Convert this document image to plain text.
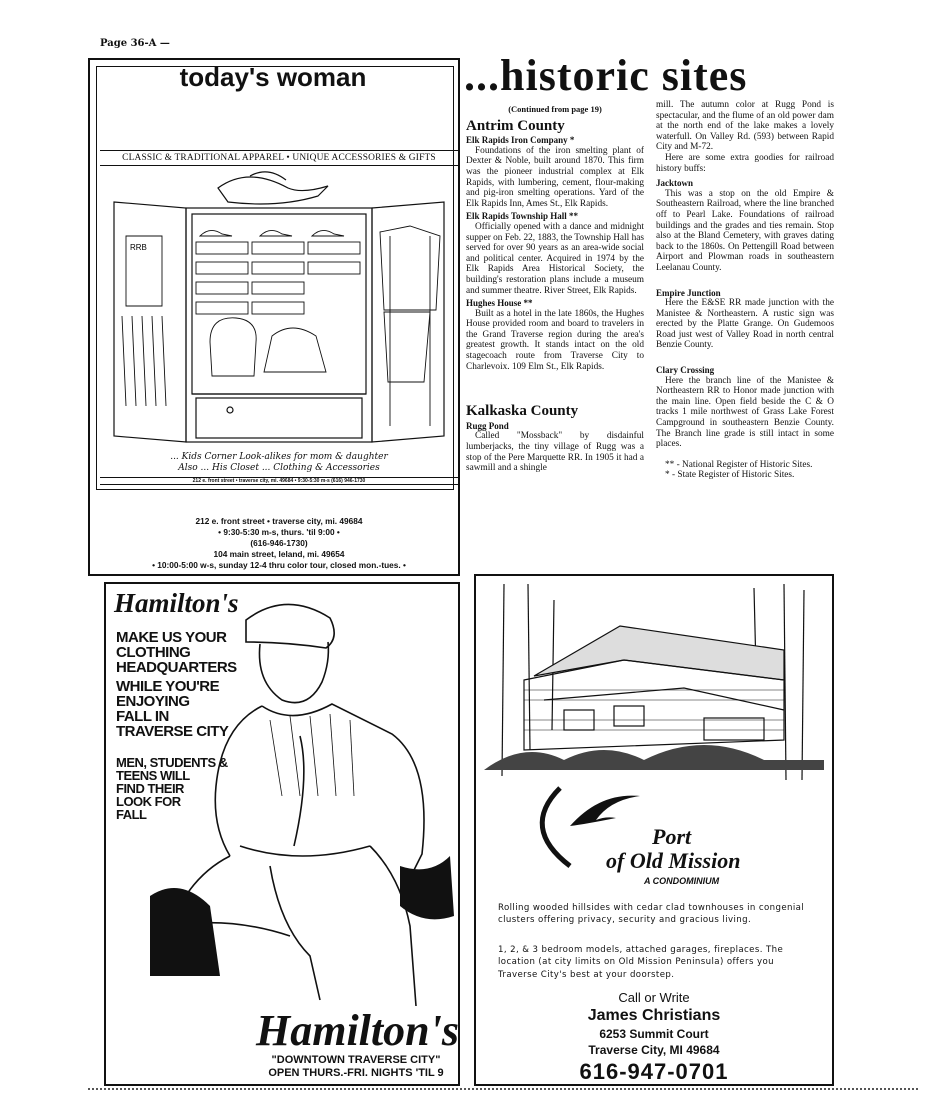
Page 36-A —
today's woman
CLASSIC & TRADITIONAL APPAREL • UNIQUE ACCESSORIES & GIFTS
RRB
... Kids Corner Look-alikes for mom & daughter
Also ... His Closet ... Clothing & Accessories
212 e. front street • traverse city, mi. 49684 • 9:30-5:30 m-s (616) 946-1730
212 e. front street • traverse city, mi. 49684
• 9:30-5:30 m-s, thurs. 'til 9:00 •
(616-946-1730)
104 main street, leland, mi. 49654
• 10:00-5:00 w-s, sunday 12-4 thru color tour, closed mon.-tues. •
...historic sites

(Continued from page 19)

Antrim County

Elk Rapids Iron Company *

Foundations of the iron smelting plant of Dexter & Noble, built around 1870. This firm was the pioneer industrial complex at Elk Rapids, with lumbering, cement, flour-making and pig-iron smelting operations. Yard of the Elk Rapids Inn, Ames St., Elk Rapids.

Elk Rapids Township Hall **

Officially opened with a dance and midnight supper on Feb. 22, 1883, the Township Hall has served for over 90 years as an area-wide social and political center. Acquired in 1974 by the Elk Rapids Area Historical Society, the building's restoration plans include a museum and summer theatre. River Street, Elk Rapids.

Hughes House **

Built as a hotel in the late 1860s, the Hughes House provided room and board to travelers in the Grand Traverse region during the area's greatest growth. It stands intact on the old stagecoach route from Traverse City to Charlevoix. 109 Elm St., Elk Rapids.

Kalkaska County

Rugg Pond

Called "Mossback" by disdainful lumberjacks, the tiny village of Rugg was a stop of the Pere Marquette RR. In 1905 it had a sawmill and a shingle

mill. The autumn color at Rugg Pond is spectacular, and the flume of an old power dam at the north end of the lake makes a lovely waterfull. On Valley Rd. (593) between Rapid City and M-72.

Here are some extra goodies for railroad history buffs:

Jacktown

This was a stop on the old Empire & Southeastern Railroad, where the line branched off to Pearl Lake. Foundations of railroad buildings and the grades and ties remain. Stop also at the Bland Cemetery, with graves dating back to the 1860s. On Pettengill Road between Airport and Plowman roads in southeastern Leelanau County.

Empire Junction

Here the E&SE RR made junction with the Manistee & Northeastern. A rustic sign was erected by the Platte Grange. On Gudemoos Road just west of Valley Road in north central Benzie County.

Clary Crossing

Here the branch line of the Manistee & Northeastern RR to Honor made junction with the main line. Open field beside the C & O tracks 1 mile northwest of Grass Lake Forest Campground in southeastern Benzie County. The Branch line grade is still intact in some places.

** - National Register of Historic Sites.

* - State Register of Historic Sites.

Hamilton's
MAKE US YOUR
CLOTHING
HEADQUARTERS
WHILE YOU'RE
ENJOYING
FALL IN
TRAVERSE CITY
MEN, STUDENTS &
TEENS WILL
FIND THEIR
LOOK FOR
FALL
Hamilton's
"DOWNTOWN TRAVERSE CITY"
OPEN THURS.-FRI. NIGHTS 'TIL 9
Port
of Old Mission
A CONDOMINIUM
Rolling wooded hillsides with cedar clad townhouses in congenial clusters offering privacy, security and gracious living.
1, 2, & 3 bedroom models, attached garages, fireplaces. The location (at city limits on Old Mission Peninsula) offers you Traverse City's best at your doorstep.
Call or Write
James Christians
6253 Summit Court
Traverse City, MI 49684
616-947-0701
